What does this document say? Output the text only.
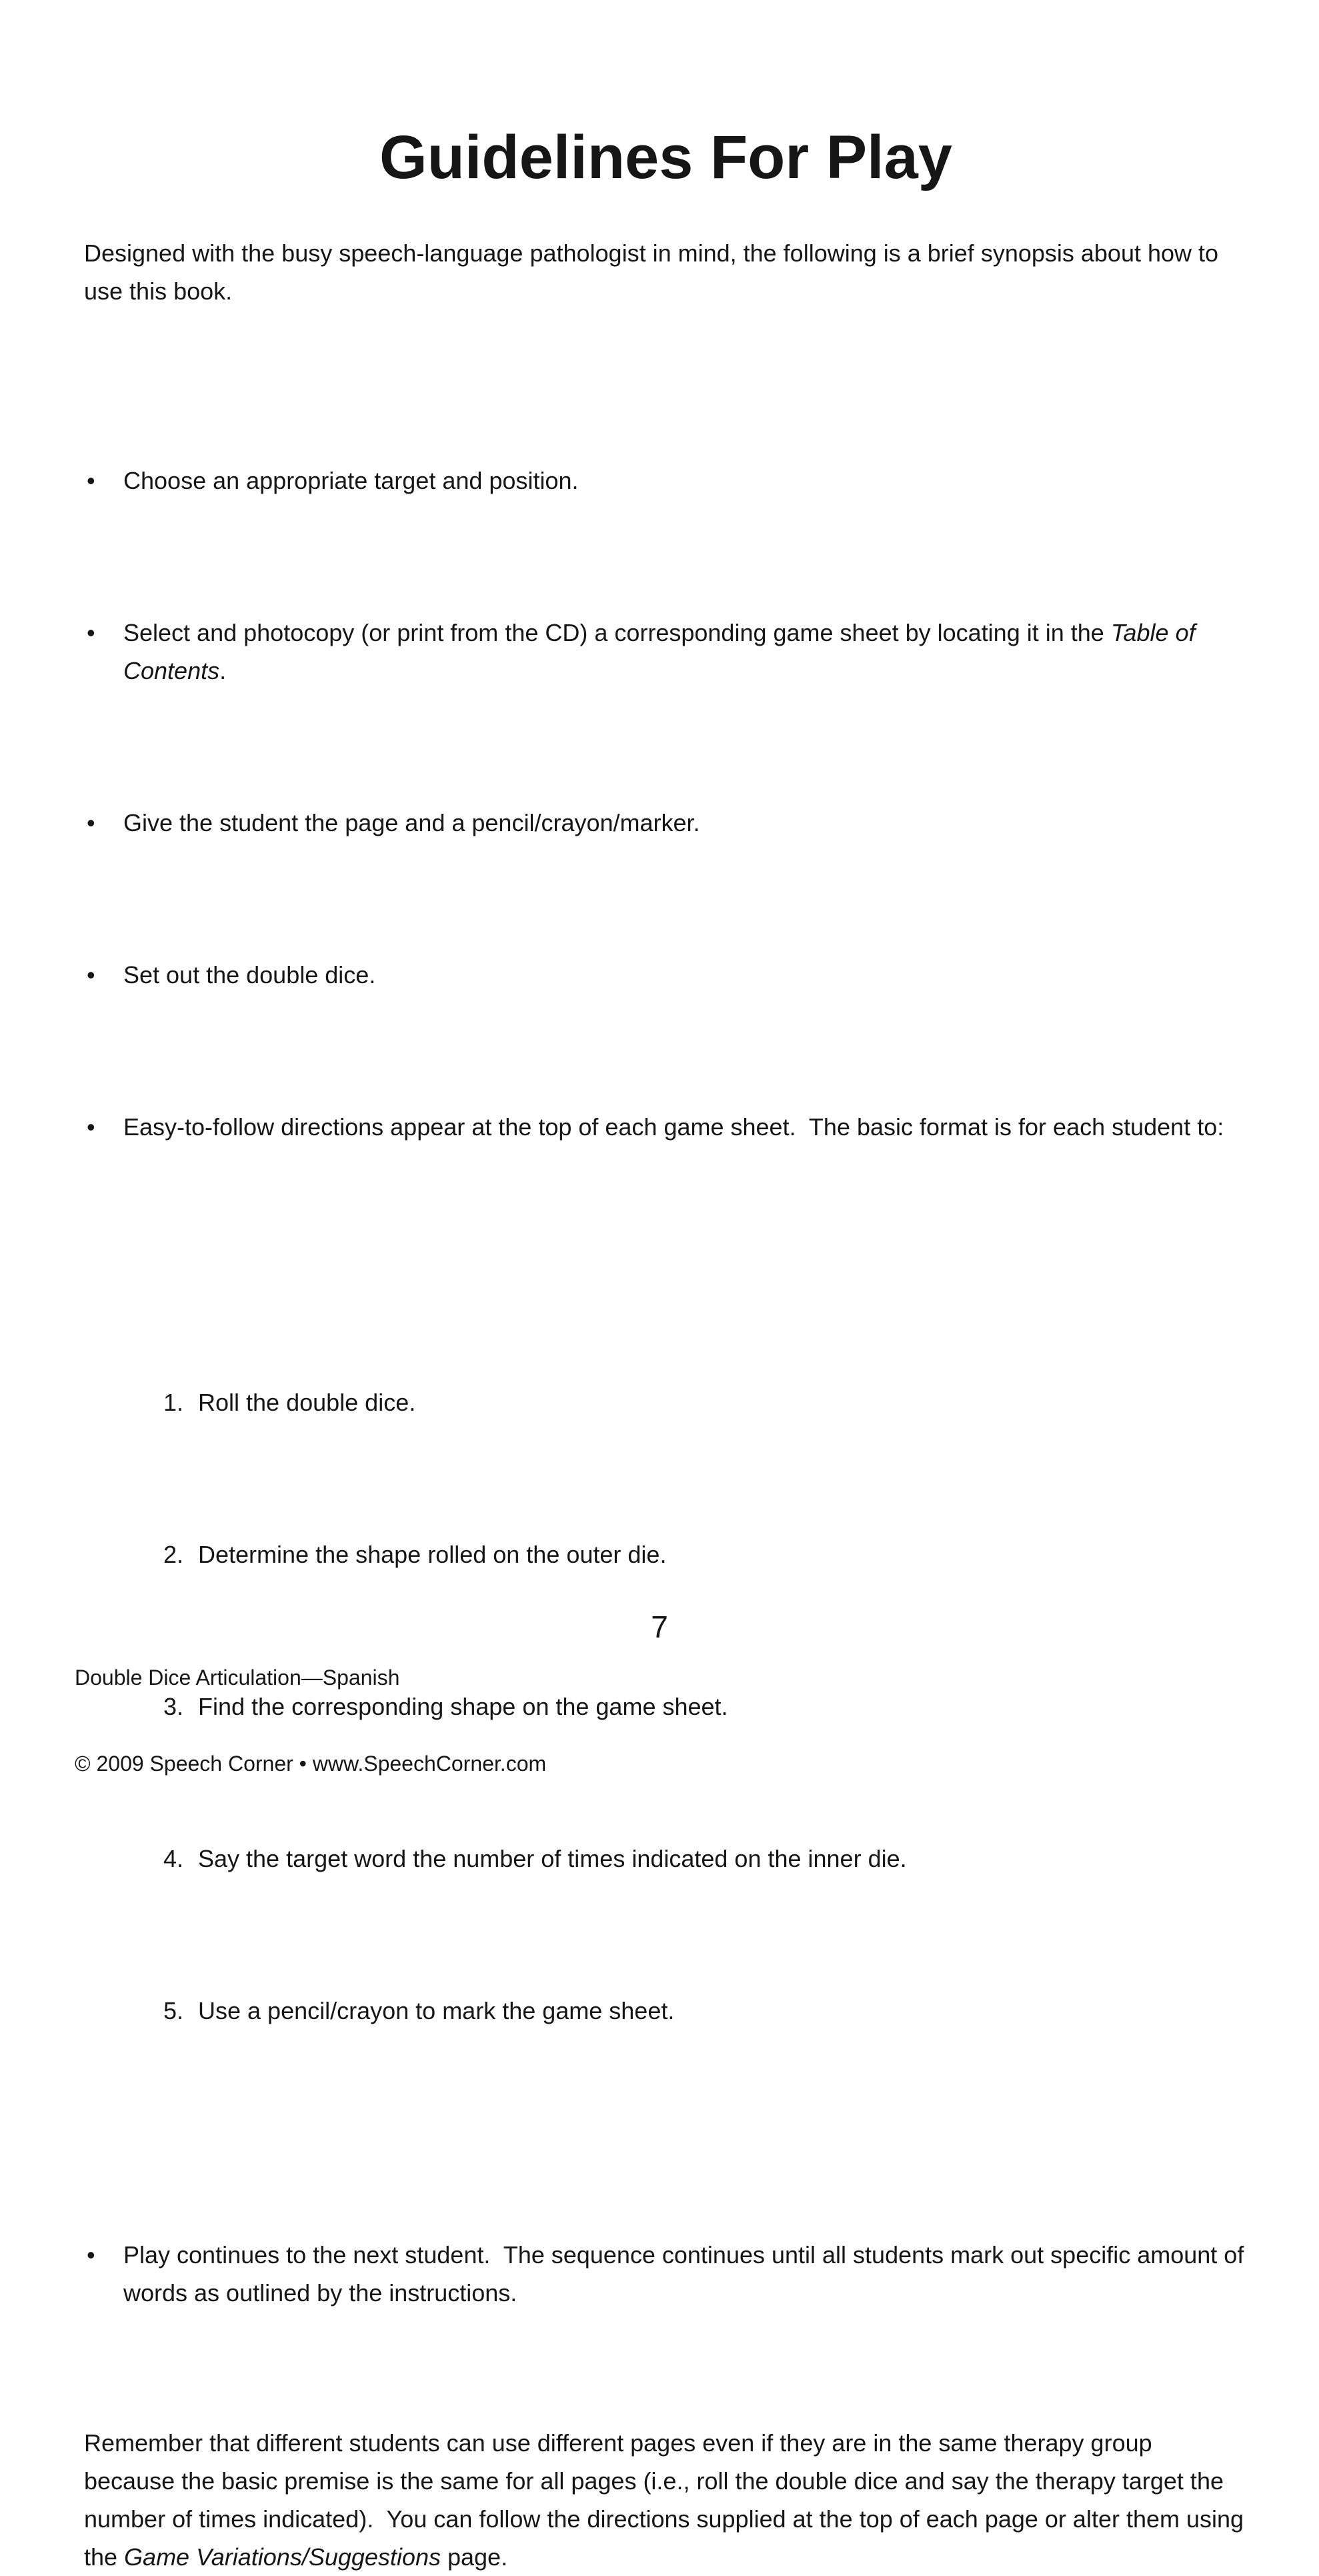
Guidelines For Play

Designed with the busy speech-language pathologist in mind, the following is a brief synopsis about how to use this book.

•	Choose an appropriate target and position.

•	Select and photocopy (or print from the CD) a corresponding game sheet by locating it in the Table of Contents.

•	Give the student the page and a pencil/crayon/marker.

•	Set out the double dice.

•	Easy-to-follow directions appear at the top of each game sheet.  The basic format is for each student to:

1. Roll the double dice.

2. Determine the shape rolled on the outer die.

3. Find the corresponding shape on the game sheet.

4. Say the target word the number of times indicated on the inner die.

5. Use a pencil/crayon to mark the game sheet.

•	Play continues to the next student.  The sequence continues until all students mark out specific amount of words as outlined by the instructions.

Remember that different students can use different pages even if they are in the same therapy group because the basic premise is the same for all pages (i.e., roll the double dice and say the therapy target the number of times indicated).  You can follow the directions supplied at the top of each page or alter them using the Game Variations/Suggestions page.

Double Dice Articulation—Spanish

© 2009 Speech Corner • www.SpeechCorner.com

7
